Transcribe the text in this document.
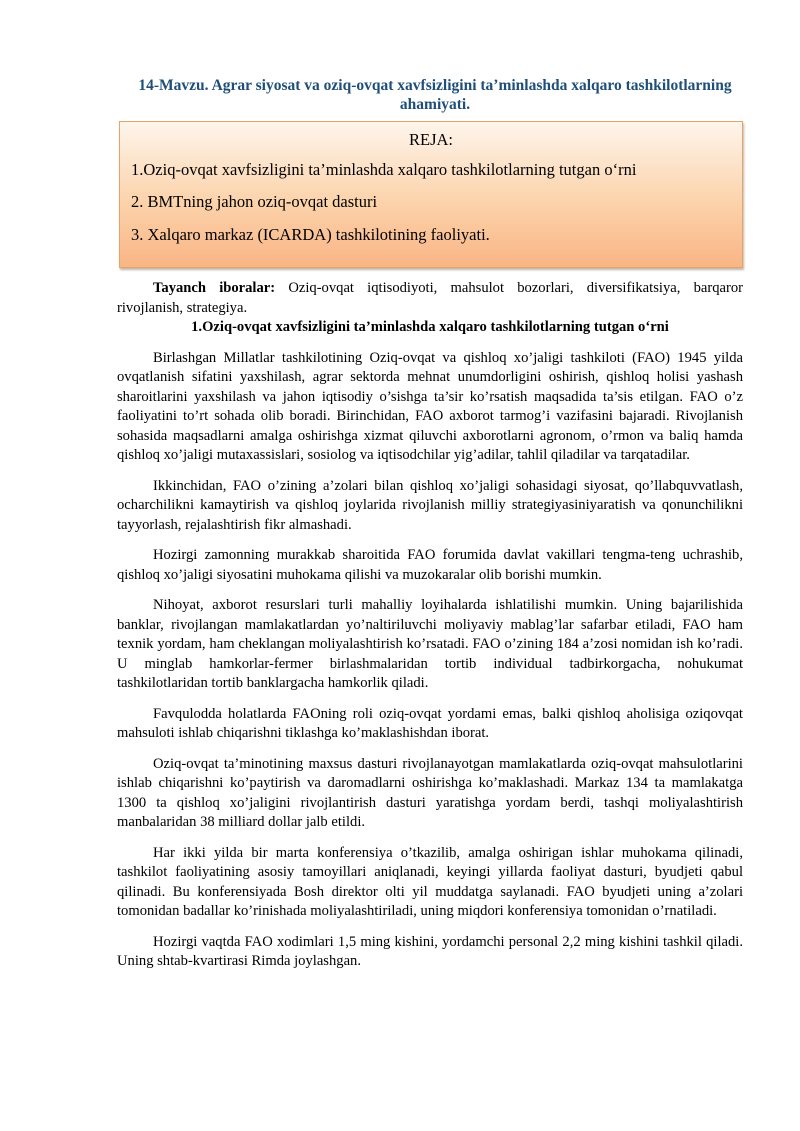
14-Mavzu. Agrar siyosat va oziq-ovqat xavfsizligini ta’minlashda xalqaro tashkilotlarning ahamiyati.
REJA:
1.Oziq-ovqat xavfsizligini ta’minlashda xalqaro tashkilotlarning tutgan o‘rni
2. BMTning jahon oziq-ovqat dasturi
3. Xalqaro markaz (ICARDA) tashkilotining faoliyati.

Tayanch iboralar: Oziq-ovqat iqtisodiyoti, mahsulot bozorlari, diversifikatsiya, barqaror rivojlanish, strategiya.

1.Oziq-ovqat xavfsizligini ta’minlashda xalqaro tashkilotlarning tutgan o‘rni

Birlashgan Millatlar tashkilotining Oziq-ovqat va qishloq xo’jaligi tashkiloti (FAO) 1945 yilda ovqatlanish sifatini yaxshilash, agrar sektorda mehnat unumdorligini oshirish, qishloq holisi yashash sharoitlarini yaxshilash va jahon iqtisodiy o’sishga ta’sir ko’rsatish maqsadida ta’sis etilgan. FAO o’z faoliyatini to’rt sohada olib boradi. Birinchidan, FAO axborot tarmog’i vazifasini bajaradi. Rivojlanish sohasida maqsadlarni amalga oshirishga xizmat qiluvchi axborotlarni agronom, o’rmon va baliq hamda qishloq xo’jaligi mutaxassislari, sosiolog va iqtisodchilar yig’adilar, tahlil qiladilar va tarqatadilar.

Ikkinchidan, FAO o’zining a’zolari bilan qishloq xo’jaligi sohasidagi siyosat, qo’llabquvvatlash, ocharchilikni kamaytirish va qishloq joylarida rivojlanish milliy strategiyasiniyaratish va qonunchilikni tayyorlash, rejalashtirish fikr almashadi.

Hozirgi zamonning murakkab sharoitida FAO forumida davlat vakillari tengma-teng uchrashib, qishloq xo’jaligi siyosatini muhokama qilishi va muzokaralar olib borishi mumkin.

Nihoyat, axborot resurslari turli mahalliy loyihalarda ishlatilishi mumkin. Uning bajarilishida banklar, rivojlangan mamlakatlardan yo’naltiriluvchi moliyaviy mablag’lar safarbar etiladi, FAO ham texnik yordam, ham cheklangan moliyalashtirish ko’rsatadi. FAO o’zining 184 a’zosi nomidan ish ko’radi. U minglab hamkorlar-fermer birlashmalaridan tortib individual tadbirkorgacha, nohukumat tashkilotlaridan tortib banklargacha hamkorlik qiladi.

Favqulodda holatlarda FAOning roli oziq-ovqat yordami emas, balki qishloq aholisiga oziqovqat mahsuloti ishlab chiqarishni tiklashga ko’maklashishdan iborat.

Oziq-ovqat ta’minotining maxsus dasturi rivojlanayotgan mamlakatlarda oziq-ovqat mahsulotlarini ishlab chiqarishni ko’paytirish va daromadlarni oshirishga ko’maklashadi. Markaz 134 ta mamlakatga 1300 ta qishloq xo’jaligini rivojlantirish dasturi yaratishga yordam berdi, tashqi moliyalashtirish manbalaridan 38 milliard dollar jalb etildi.

Har ikki yilda bir marta konferensiya o’tkazilib, amalga oshirigan ishlar muhokama qilinadi, tashkilot faoliyatining asosiy tamoyillari aniqlanadi, keyingi yillarda faoliyat dasturi, byudjeti qabul qilinadi. Bu konferensiyada Bosh direktor olti yil muddatga saylanadi. FAO byudjeti uning a’zolari tomonidan badallar ko’rinishada moliyalashtiriladi, uning miqdori konferensiya tomonidan o’rnatiladi.

Hozirgi vaqtda FAO xodimlari 1,5 ming kishini, yordamchi personal 2,2 ming kishini tashkil qiladi. Uning shtab-kvartirasi Rimda joylashgan.
